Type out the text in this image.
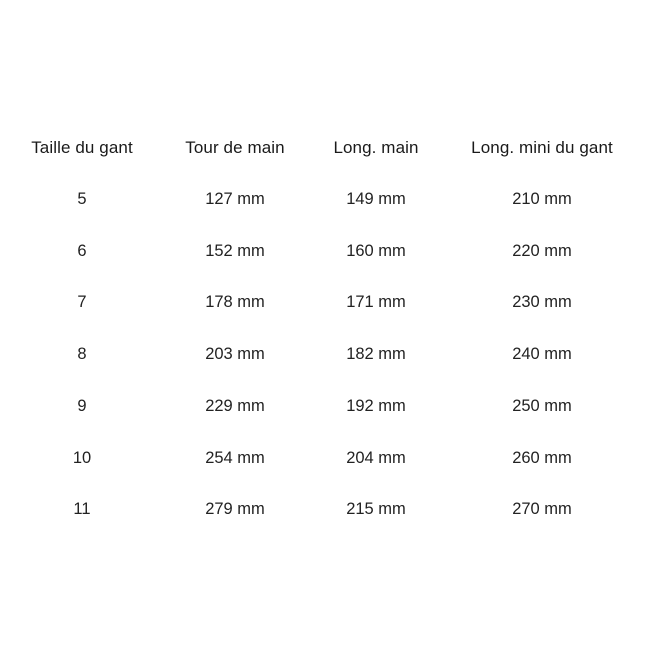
Taille du gant	Tour de main	Long. main	Long. mini du gant
5	127 mm	149 mm	210 mm
6	152 mm	160 mm	220 mm
7	178 mm	171 mm	230 mm
8	203 mm	182 mm	240 mm
9	229 mm	192 mm	250 mm
10	254 mm	204 mm	260 mm
11	279 mm	215 mm	270 mm
